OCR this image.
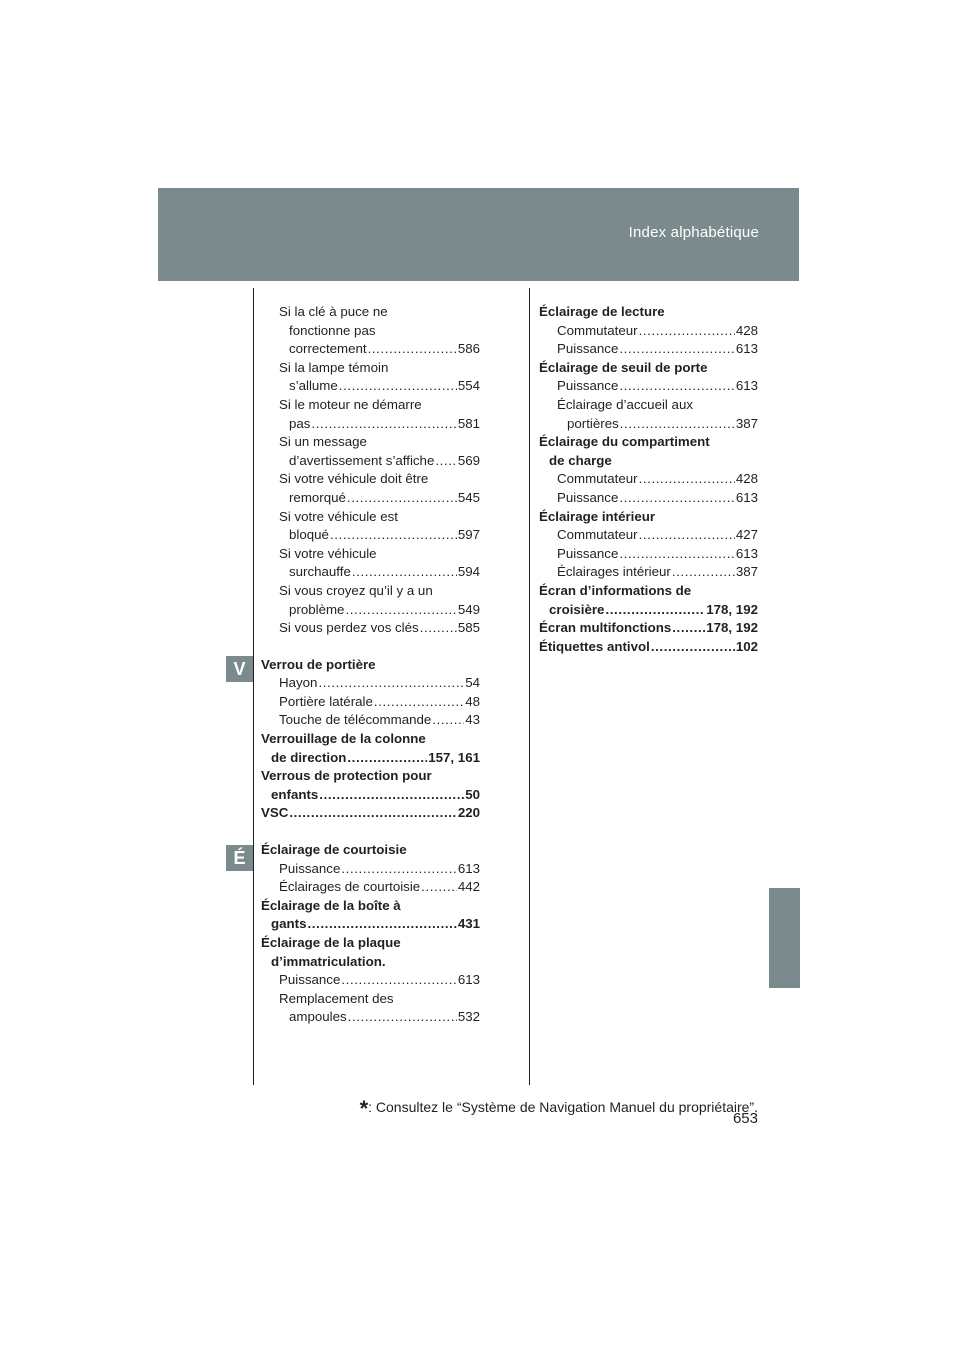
Index alphabétique
V
É
Si la clé à puce ne
fonctionne pas
correctement .....	586
Si la lampe témoin
s’allume .....	554
Si le moteur ne démarre
pas .....	581
Si un message
d’avertissement s’affiche ..... 569
Si votre véhicule doit être
remorqué .....	545
Si votre véhicule est
bloqué .....	597
Si votre véhicule
surchauffe .....	594
Si vous croyez qu’il y a un
problème .....	549
Si vous perdez vos clés .....	585
Verrou de portière
Hayon .....	54
Portière latérale .....	48
Touche de télécommande .....	43
Verrouillage de la colonne
de direction .....	157, 161
Verrous de protection pour
enfants .....	50
VSC .....	220
Éclairage de courtoisie
Puissance .....	613
Éclairages de courtoisie .....	442
Éclairage de la boîte à
gants .....	431
Éclairage de la plaque
d’immatriculation.
Puissance .....	613
Remplacement des
ampoules .....	532
Éclairage de lecture
Commutateur .....	428
Puissance .....	613
Éclairage de seuil de porte
Puissance .....	613
Éclairage d’accueil aux
portières .....	387
Éclairage du compartiment
de charge
Commutateur .....	428
Puissance .....	613
Éclairage intérieur
Commutateur .....	427
Puissance .....	613
Éclairages intérieur .....	387
Écran d’informations de
croisière .....	178, 192
Écran multifonctions .....	178, 192
Étiquettes antivol .....	102
*: Consultez le “Système de Navigation Manuel du propriétaire”.
653
